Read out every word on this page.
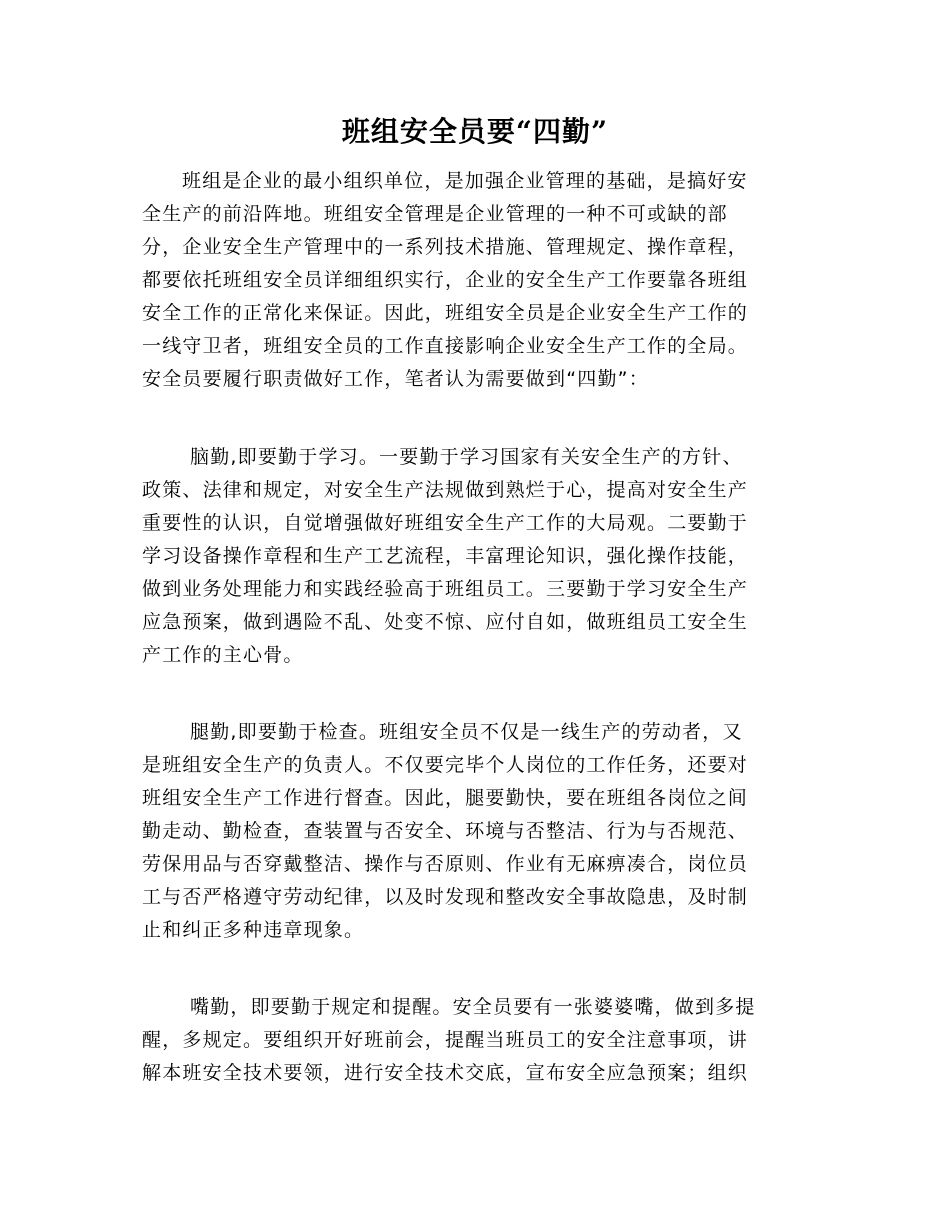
班组安全员要“四勤”
班组是企业的最小组织单位，是加强企业管理的基础，是搞好安
全生产的前沿阵地。班组安全管理是企业管理的一种不可或缺的部
分，企业安全生产管理中的一系列技术措施、管理规定、操作章程，
都要依托班组安全员详细组织实行，企业的安全生产工作要靠各班组
安全工作的正常化来保证。因此，班组安全员是企业安全生产工作的
一线守卫者，班组安全员的工作直接影响企业安全生产工作的全局。
安全员要履行职责做好工作，笔者认为需要做到“四勤”：
脑勤,即要勤于学习。一要勤于学习国家有关安全生产的方针、
政策、法律和规定，对安全生产法规做到熟烂于心，提高对安全生产
重要性的认识，自觉增强做好班组安全生产工作的大局观。二要勤于
学习设备操作章程和生产工艺流程，丰富理论知识，强化操作技能，
做到业务处理能力和实践经验高于班组员工。三要勤于学习安全生产
应急预案，做到遇险不乱、处变不惊、应付自如，做班组员工安全生
产工作的主心骨。
腿勤,即要勤于检查。班组安全员不仅是一线生产的劳动者，又
是班组安全生产的负责人。不仅要完毕个人岗位的工作任务，还要对
班组安全生产工作进行督查。因此，腿要勤快，要在班组各岗位之间
勤走动、勤检查，查装置与否安全、环境与否整洁、行为与否规范、
劳保用品与否穿戴整洁、操作与否原则、作业有无麻痹凑合，岗位员
工与否严格遵守劳动纪律，以及时发现和整改安全事故隐患，及时制
止和纠正多种违章现象。
嘴勤，即要勤于规定和提醒。安全员要有一张婆婆嘴，做到多提
醒，多规定。要组织开好班前会，提醒当班员工的安全注意事项，讲
解本班安全技术要领，进行安全技术交底，宣布安全应急预案；组织
